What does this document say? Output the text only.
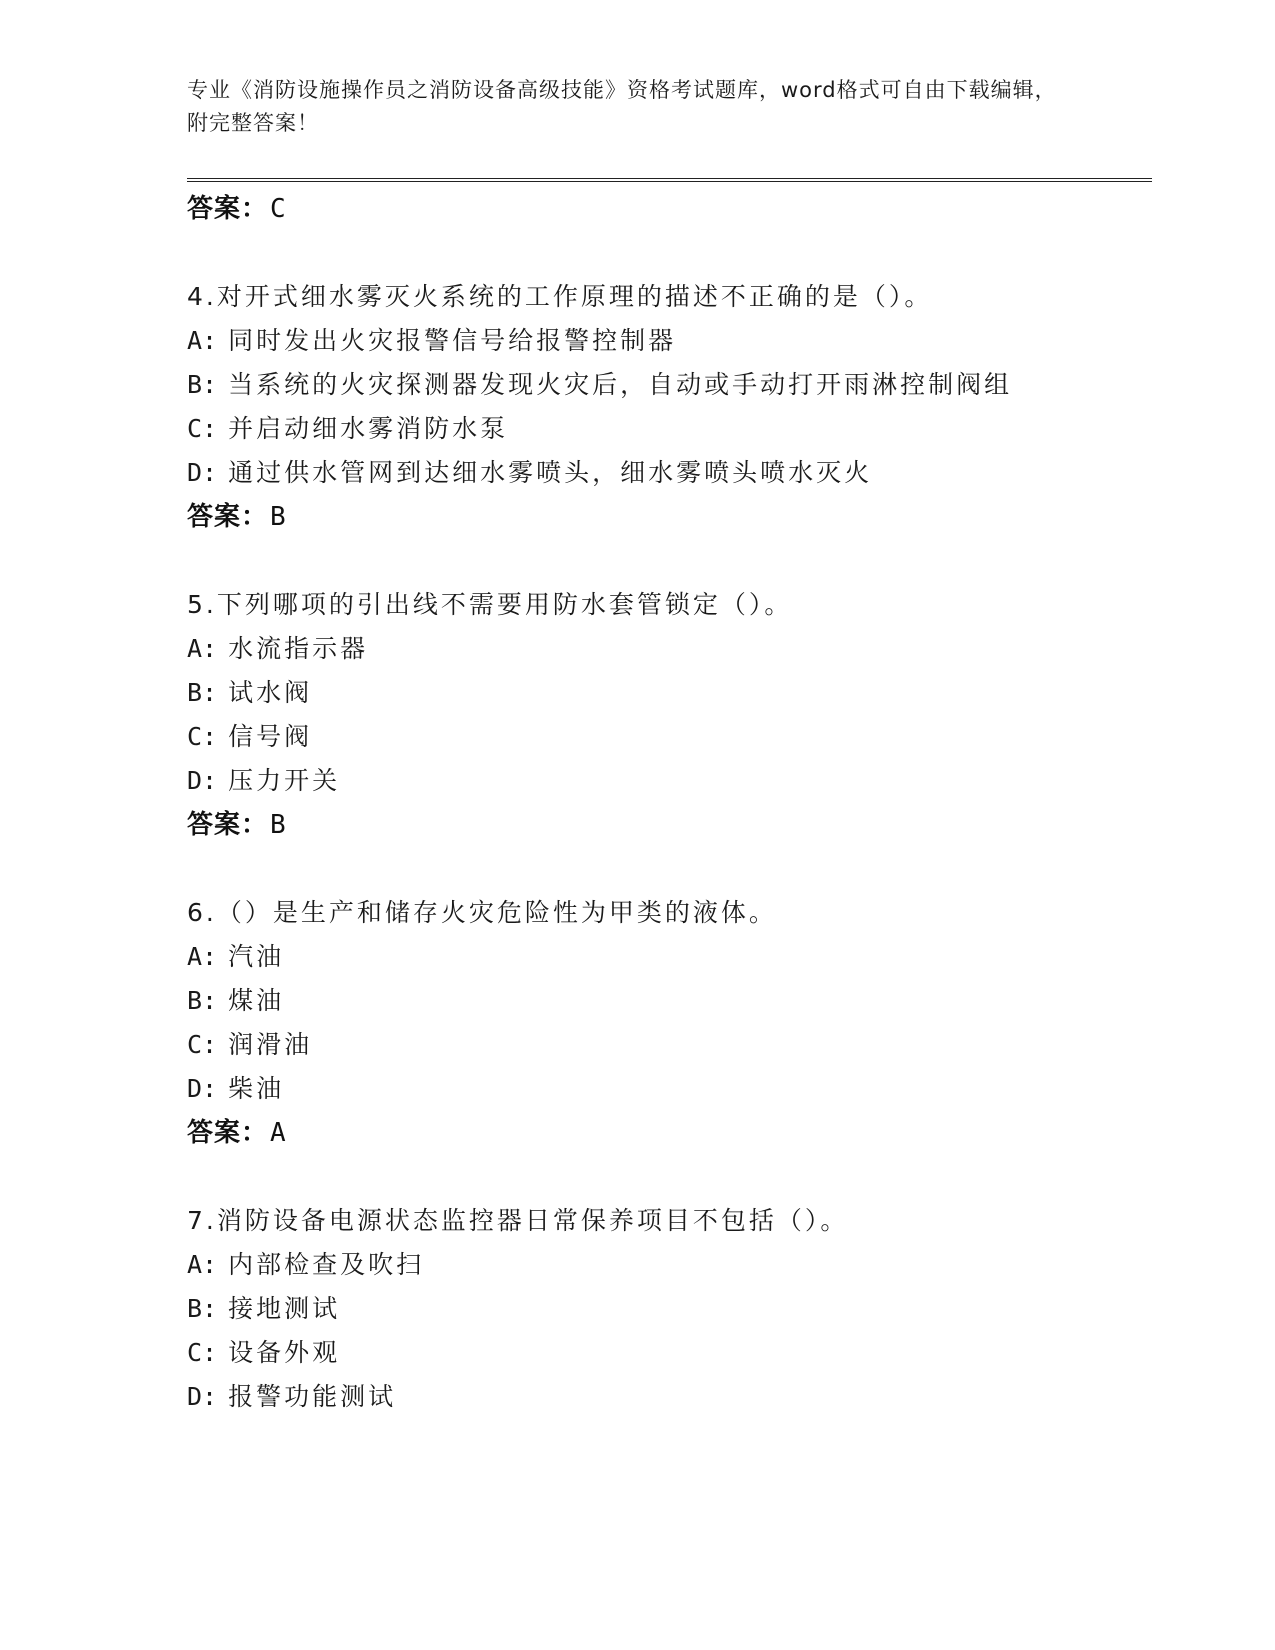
专业《消防设施操作员之消防设备高级技能》资格考试题库，word格式可自由下载编辑，附完整答案！
答案：C
4.对开式细水雾灭火系统的工作原理的描述不正确的是（）。
A: 同时发出火灾报警信号给报警控制器
B: 当系统的火灾探测器发现火灾后，自动或手动打开雨淋控制阀组
C: 并启动细水雾消防水泵
D: 通过供水管网到达细水雾喷头，细水雾喷头喷水灭火
答案：B
5.下列哪项的引出线不需要用防水套管锁定（）。
A: 水流指示器
B: 试水阀
C: 信号阀
D: 压力开关
答案：B
6.（）是生产和储存火灾危险性为甲类的液体。
A: 汽油
B: 煤油
C: 润滑油
D: 柴油
答案：A
7.消防设备电源状态监控器日常保养项目不包括（）。
A: 内部检查及吹扫
B: 接地测试
C: 设备外观
D: 报警功能测试
